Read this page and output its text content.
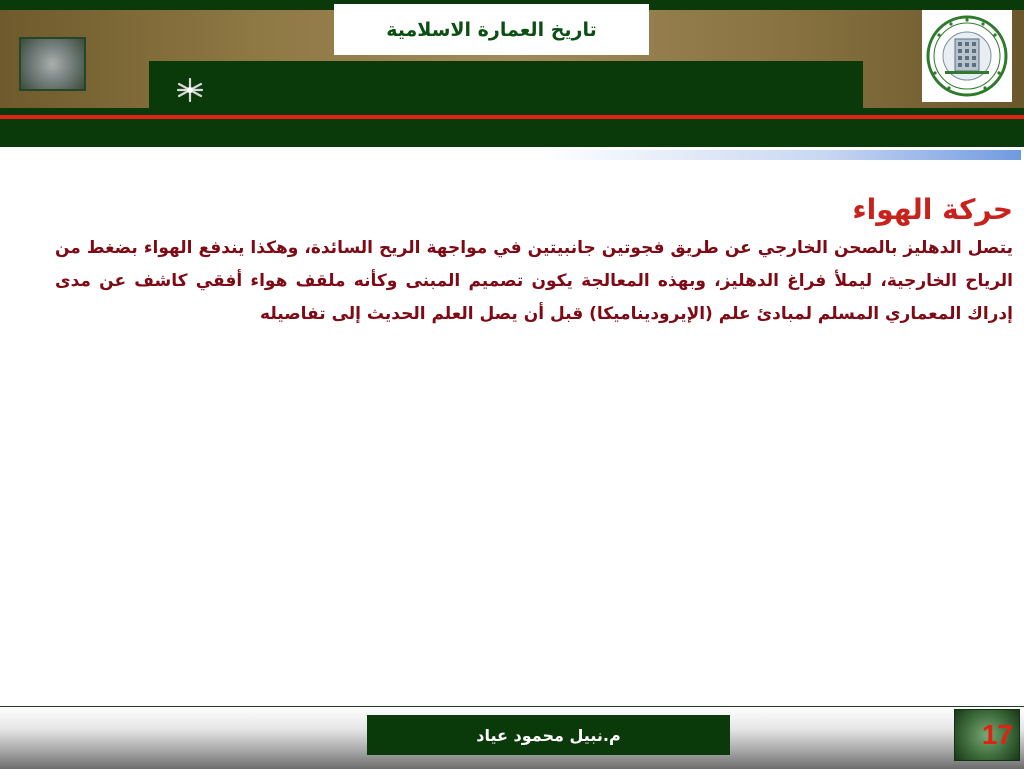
تاريخ العمارة الاسلامية

حركة الهواء

يتصل الدهليز بالصحن الخارجي عن طريق فجوتين جانبيتين في مواجهة الريح السائدة، وهكذا يندفع الهواء بضغط من الرياح الخارجية، ليملأ فراغ الدهليز، وبهذه المعالجة يكون تصميم المبنى وكأنه ملقف هواء أفقي كاشف عن مدى إدراك المعماري المسلم لمبادئ علم (الإيروديناميكا) قبل أن يصل العلم الحديث إلى تفاصيله

م.نبيل محمود عياد	17
